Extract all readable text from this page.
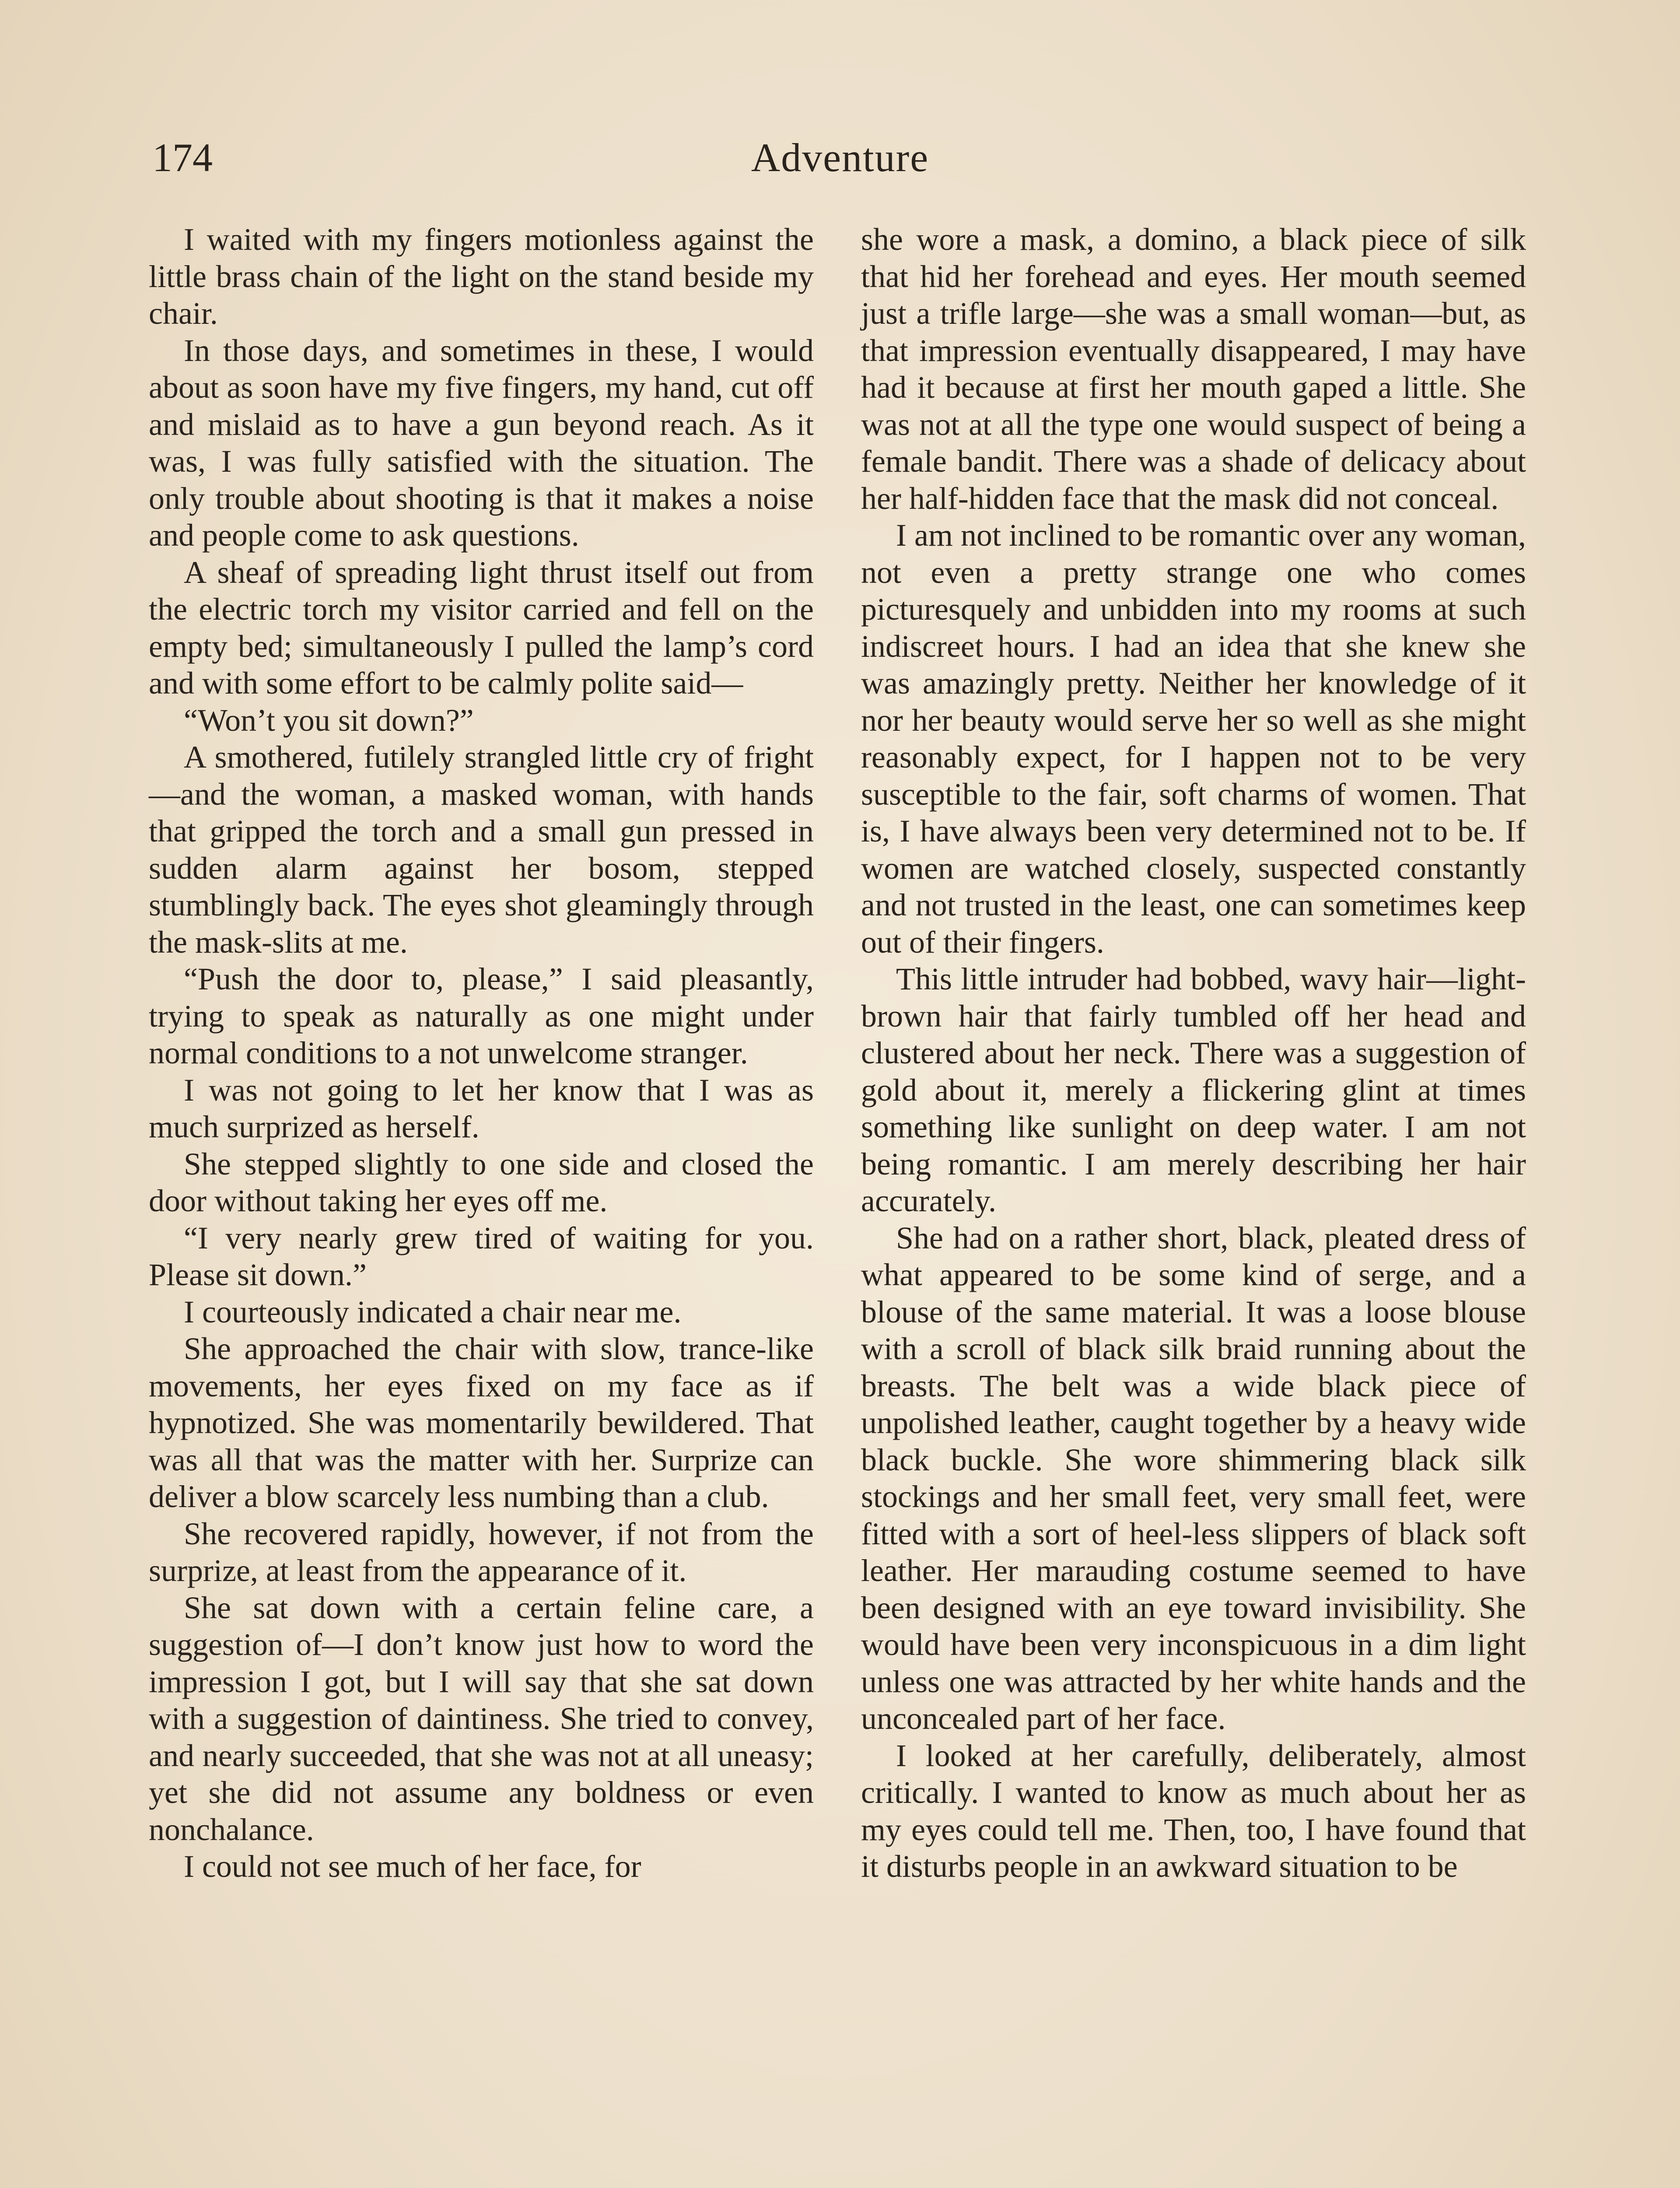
174	Adventure

I waited with my fingers motionless against the little brass chain of the light on the stand beside my chair.

In those days, and sometimes in these, I would about as soon have my five fingers, my hand, cut off and mislaid as to have a gun beyond reach. As it was, I was fully satisfied with the situation. The only trouble about shooting is that it makes a noise and people come to ask questions.

A sheaf of spreading light thrust itself out from the electric torch my visitor carried and fell on the empty bed; simultaneously I pulled the lamp’s cord and with some effort to be calmly polite said—

“Won’t you sit down?”

A smothered, futilely strangled little cry of fright—and the woman, a masked woman, with hands that gripped the torch and a small gun pressed in sudden alarm against her bosom, stepped stumblingly back. The eyes shot gleamingly through the mask-slits at me.

“Push the door to, please,” I said pleasantly, trying to speak as naturally as one might under normal conditions to a not unwelcome stranger.

I was not going to let her know that I was as much surprized as herself.

She stepped slightly to one side and closed the door without taking her eyes off me.

“I very nearly grew tired of waiting for you. Please sit down.”

I courteously indicated a chair near me.

She approached the chair with slow, trance-like movements, her eyes fixed on my face as if hypnotized. She was momentarily bewildered. That was all that was the matter with her. Surprize can deliver a blow scarcely less numbing than a club.

She recovered rapidly, however, if not from the surprize, at least from the appearance of it.

She sat down with a certain feline care, a suggestion of—I don’t know just how to word the impression I got, but I will say that she sat down with a suggestion of daintiness. She tried to convey, and nearly succeeded, that she was not at all uneasy; yet she did not assume any boldness or even nonchalance.

I could not see much of her face, for

she wore a mask, a domino, a black piece of silk that hid her forehead and eyes. Her mouth seemed just a trifle large—she was a small woman—but, as that impression eventually disappeared, I may have had it because at first her mouth gaped a little. She was not at all the type one would suspect of being a female bandit. There was a shade of delicacy about her half-hidden face that the mask did not conceal.

I am not inclined to be romantic over any woman, not even a pretty strange one who comes picturesquely and unbidden into my rooms at such indiscreet hours. I had an idea that she knew she was amazingly pretty. Neither her knowledge of it nor her beauty would serve her so well as she might reasonably expect, for I happen not to be very susceptible to the fair, soft charms of women. That is, I have always been very determined not to be. If women are watched closely, suspected constantly and not trusted in the least, one can sometimes keep out of their fingers.

This little intruder had bobbed, wavy hair—light-brown hair that fairly tumbled off her head and clustered about her neck. There was a suggestion of gold about it, merely a flickering glint at times something like sunlight on deep water. I am not being romantic. I am merely describing her hair accurately.

She had on a rather short, black, pleated dress of what appeared to be some kind of serge, and a blouse of the same material. It was a loose blouse with a scroll of black silk braid running about the breasts. The belt was a wide black piece of unpolished leather, caught together by a heavy wide black buckle. She wore shimmering black silk stockings and her small feet, very small feet, were fitted with a sort of heel-less slippers of black soft leather. Her marauding costume seemed to have been designed with an eye toward invisibility. She would have been very inconspicuous in a dim light unless one was attracted by her white hands and the unconcealed part of her face.

I looked at her carefully, deliberately, almost critically. I wanted to know as much about her as my eyes could tell me. Then, too, I have found that it disturbs people in an awkward situation to be
